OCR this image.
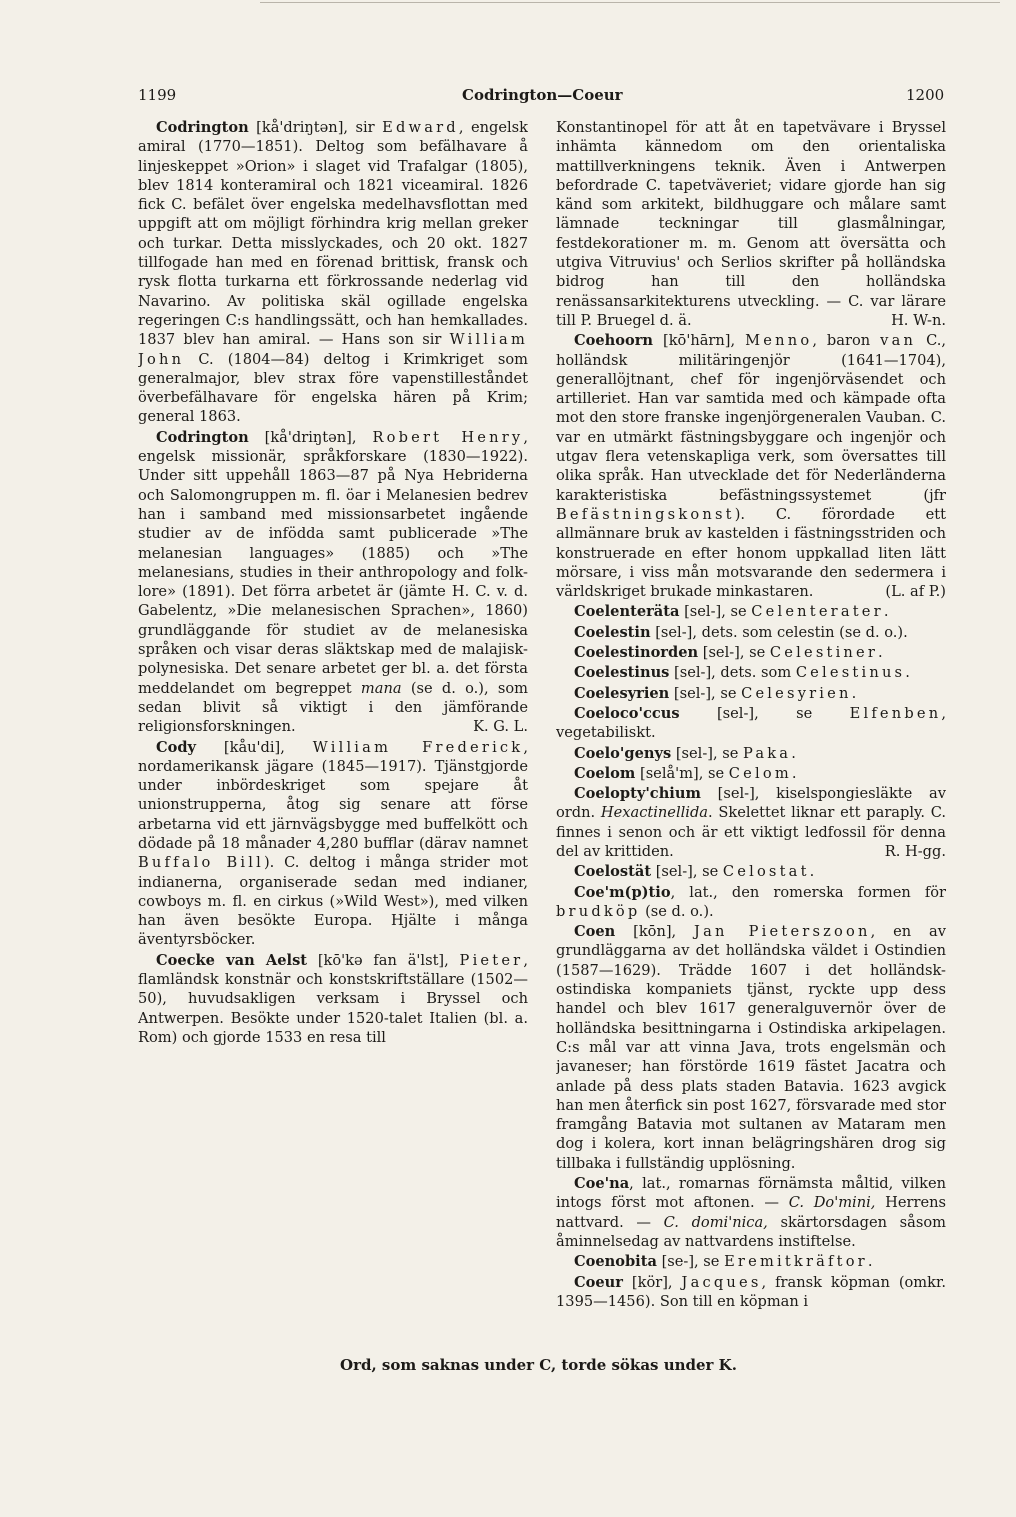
1199	Codrington—Coeur	1200

Codrington [kå'driŋtən], sir Edward, engelsk amiral (1770—1851). Deltog som befälhavare å linjeskeppet »Orion» i slaget vid Trafalgar (1805), blev 1814 konteramiral och 1821 viceamiral. 1826 fick C. befälet över engelska medelhavsflottan med uppgift att om möjligt förhindra krig mellan greker och turkar. Detta misslyckades, och 20 okt. 1827 tillfogade han med en förenad brittisk, fransk och rysk flotta turkarna ett förkrossande nederlag vid Navarino. Av politiska skäl ogillade engelska regeringen C:s handlingssätt, och han hemkallades. 1837 blev han amiral. — Hans son sir William John C. (1804—84) deltog i Krimkriget som generalmajor, blev strax före vapenstilleståndet överbefälhavare för engelska hären på Krim; general 1863.

Codrington [kå'driŋtən], Robert Henry, engelsk missionär, språkforskare (1830—1922). Under sitt uppehåll 1863—87 på Nya Hebriderna och Salomongruppen m. fl. öar i Melanesien bedrev han i samband med missionsarbetet ingående studier av de infödda samt publicerade »The melanesian languages» (1885) och »The melanesians, studies in their anthropology and folk-lore» (1891). Det förra arbetet är (jämte H. C. v. d. Gabelentz, »Die melanesischen Sprachen», 1860) grundläggande för studiet av de melanesiska språken och visar deras släktskap med de malajisk-polynesiska. Det senare arbetet ger bl. a. det första meddelandet om begreppet mana (se d. o.), som sedan blivit så viktigt i den jämförande religionsforskningen.	K. G. L.

Cody [kåu'di], William Frederick, nordamerikansk jägare (1845—1917). Tjänstgjorde under inbördeskriget som spejare åt unionstrupperna, åtog sig senare att förse arbetarna vid ett järnvägsbygge med buffelkött och dödade på 18 månader 4,280 bufflar (därav namnet Buffalo Bill). C. deltog i många strider mot indianerna, organiserade sedan med indianer, cowboys m. fl. en cirkus (»Wild West»), med vilken han även besökte Europa. Hjälte i många äventyrsböcker.

Coecke van Aelst [kō'kə fan ä'lst], Pieter, flamländsk konstnär och konstskriftställare (1502—50), huvudsakligen verksam i Bryssel och Antwerpen. Besökte under 1520-talet Italien (bl. a. Rom) och gjorde 1533 en resa till

Konstantinopel för att åt en tapetvävare i Bryssel inhämta kännedom om den orientaliska mattillverkningens teknik. Även i Antwerpen befordrade C. tapetväveriet; vidare gjorde han sig känd som arkitekt, bildhuggare och målare samt lämnade teckningar till glasmålningar, festdekorationer m. m. Genom att översätta och utgiva Vitruvius' och Serlios skrifter på holländska bidrog han till den holländska renässansarkitekturens utveckling. — C. var lärare till P. Bruegel d. ä.	H. W-n.

Coehoorn [kō'hārn], Menno, baron van C., holländsk militäringenjör (1641—1704), generallöjtnant, chef för ingenjörväsendet och artilleriet. Han var samtida med och kämpade ofta mot den store franske ingenjörgeneralen Vauban. C. var en utmärkt fästningsbyggare och ingenjör och utgav flera vetenskapliga verk, som översattes till olika språk. Han utvecklade det för Nederländerna karakteristiska befästningssystemet (jfr Befästningskonst). C. förordade ett allmännare bruk av kastelden i fästningsstriden och konstruerade en efter honom uppkallad liten lätt mörsare, i viss mån motsvarande den sedermera i världskriget brukade minkastaren.	(L. af P.)

Coelenteräta [sel-], se Celenterater.

Coelestin [sel-], dets. som celestin (se d. o.).

Coelestinorden [sel-], se Celestiner.

Coelestinus [sel-], dets. som Celestinus.

Coelesyrien [sel-], se Celesyrien.

Coeloco'ccus [sel-], se Elfenben, vegetabiliskt.

Coelo'genys [sel-], se Paka.

Coelom [selå'm], se Celom.

Coelopty'chium [sel-], kiselspongiesläkte av ordn. Hexactinellida. Skelettet liknar ett paraply. C. finnes i senon och är ett viktigt ledfossil för denna del av krittiden.	R. H-gg.

Coelostät [sel-], se Celostat.

Coe'm(p)tio, lat., den romerska formen för brudköp (se d. o.).

Coen [kōn], Jan Pieterszoon, en av grundläggarna av det holländska väldet i Ostindien (1587—1629). Trädde 1607 i det holländsk-ostindiska kompaniets tjänst, ryckte upp dess handel och blev 1617 generalguvernör över de holländska besittningarna i Ostindiska arkipelagen. C:s mål var att vinna Java, trots engelsmän och javaneser; han förstörde 1619 fästet Jacatra och anlade på dess plats staden Batavia. 1623 avgick han men återfick sin post 1627, försvarade med stor framgång Batavia mot sultanen av Mataram men dog i kolera, kort innan belägringshären drog sig tillbaka i fullständig upplösning.

Coe'na, lat., romarnas förnämsta måltid, vilken intogs först mot aftonen. — C. Do'mini, Herrens nattvard. — C. domi'nica, skärtorsdagen såsom åminnelsedag av nattvardens instiftelse.

Coenobita [se-], se Eremitkräftor.

Coeur [kör], Jacques, fransk köpman (omkr. 1395—1456). Son till en köpman i

Ord, som saknas under C, torde sökas under K.
